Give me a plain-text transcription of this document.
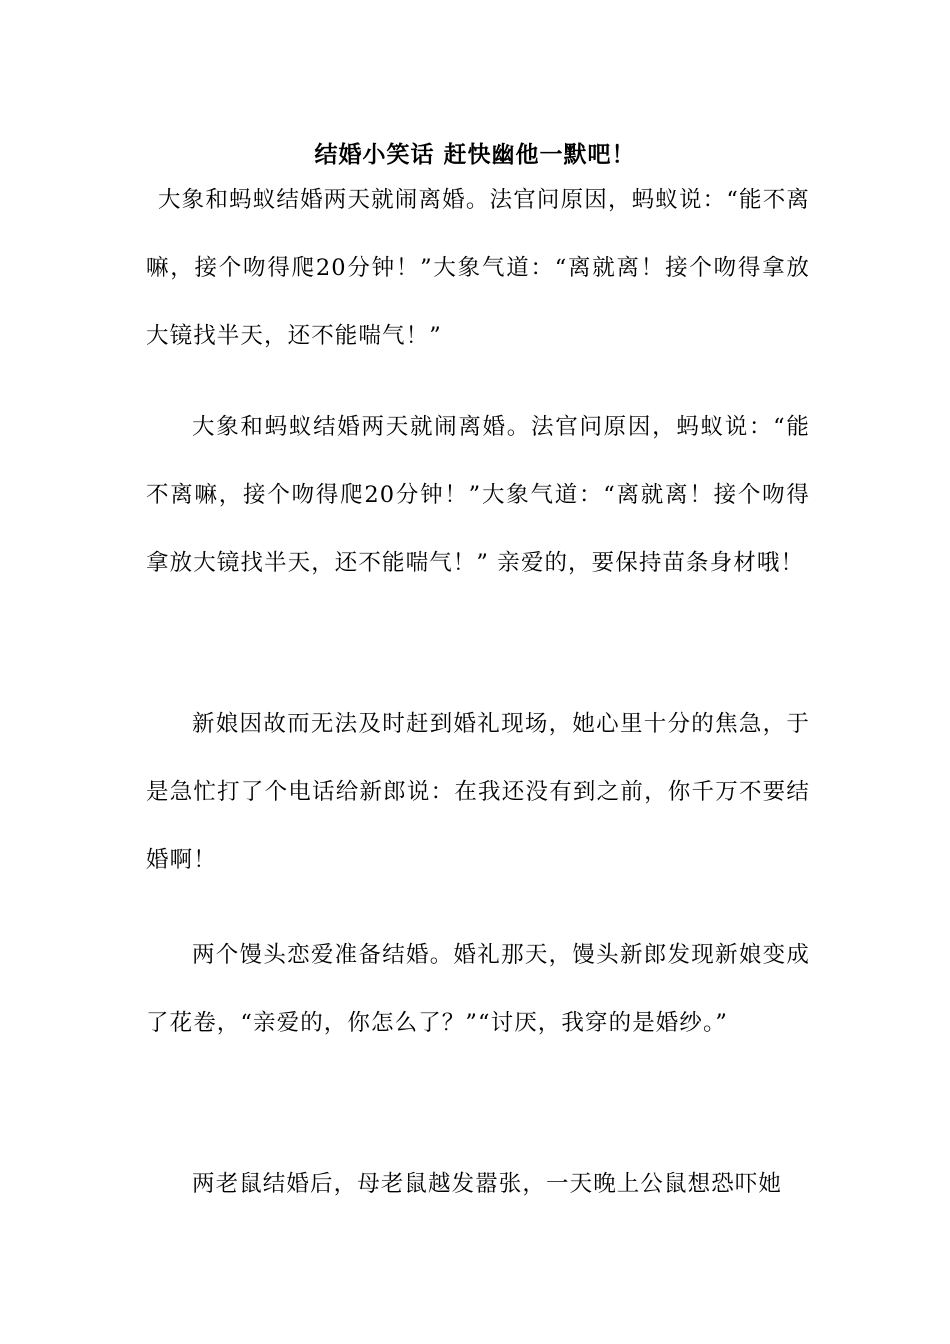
结婚小笑话 赶快幽他一默吧！

大象和蚂蚁结婚两天就闹离婚。法官问原因，蚂蚁说：“能不离嘛，接个吻得爬20分钟！”大象气道：“离就离！接个吻得拿放大镜找半天，还不能喘气！”

大象和蚂蚁结婚两天就闹离婚。法官问原因，蚂蚁说：“能不离嘛，接个吻得爬20分钟！”大象气道：“离就离！接个吻得拿放大镜找半天，还不能喘气！” 亲爱的，要保持苗条身材哦！

新娘因故而无法及时赶到婚礼现场，她心里十分的焦急，于是急忙打了个电话给新郎说：在我还没有到之前，你千万不要结婚啊！

两个馒头恋爱准备结婚。婚礼那天，馒头新郎发现新娘变成了花卷，“亲爱的，你怎么了？”“讨厌，我穿的是婚纱。”

两老鼠结婚后，母老鼠越发嚣张，一天晚上公鼠想恐吓她
